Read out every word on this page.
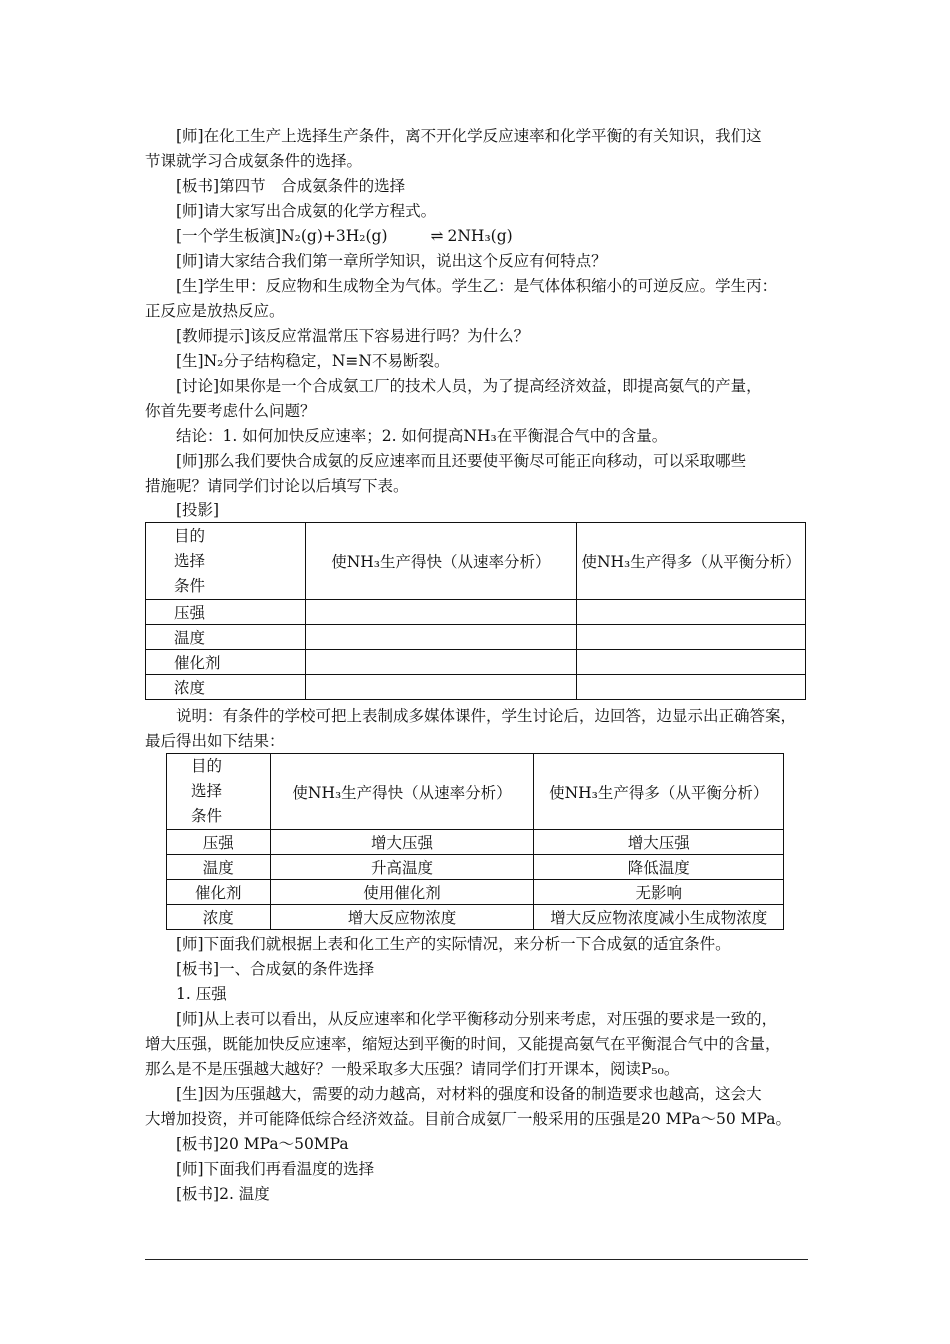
[师]在化工生产上选择生产条件，离不开化学反应速率和化学平衡的有关知识，我们这
节课就学习合成氨条件的选择。
[板书]第四节　合成氨条件的选择
[师]请大家写出合成氨的化学方程式。
[一个学生板演]N₂(g)+3H₂(g)	⇌ 2NH₃(g)
[师]请大家结合我们第一章所学知识，说出这个反应有何特点？
[生]学生甲：反应物和生成物全为气体。学生乙：是气体体积缩小的可逆反应。学生丙：
正反应是放热反应。
[教师提示]该反应常温常压下容易进行吗？为什么？
[生]N₂分子结构稳定，N≡N不易断裂。
[讨论]如果你是一个合成氨工厂的技术人员，为了提高经济效益，即提高氨气的产量，
你首先要考虑什么问题？
结论：1. 如何加快反应速率；2. 如何提高NH₃在平衡混合气中的含量。
[师]那么我们要快合成氨的反应速率而且还要使平衡尽可能正向移动，可以采取哪些
措施呢？请同学们讨论以后填写下表。
[投影]
目的
选择
条件	使NH₃生产得快（从速率分析）	使NH₃生产得多（从平衡分析）
压强		
温度		
催化剂		
浓度		
说明：有条件的学校可把上表制成多媒体课件，学生讨论后，边回答，边显示出正确答案，
最后得出如下结果：
目的
选择
条件	使NH₃生产得快（从速率分析）	使NH₃生产得多（从平衡分析）
压强	增大压强	增大压强
温度	升高温度	降低温度
催化剂	使用催化剂	无影响
浓度	增大反应物浓度	增大反应物浓度减小生成物浓度
[师]下面我们就根据上表和化工生产的实际情况，来分析一下合成氨的适宜条件。
[板书]一、合成氨的条件选择
1. 压强
[师]从上表可以看出，从反应速率和化学平衡移动分别来考虑，对压强的要求是一致的，
增大压强，既能加快反应速率，缩短达到平衡的时间，又能提高氨气在平衡混合气中的含量，
那么是不是压强越大越好？一般采取多大压强？请同学们打开课本，阅读P₅₀。
[生]因为压强越大，需要的动力越高，对材料的强度和设备的制造要求也越高，这会大
大增加投资，并可能降低综合经济效益。目前合成氨厂一般采用的压强是20 MPa～50 MPa。
[板书]20 MPa～50MPa
[师]下面我们再看温度的选择
[板书]2. 温度
